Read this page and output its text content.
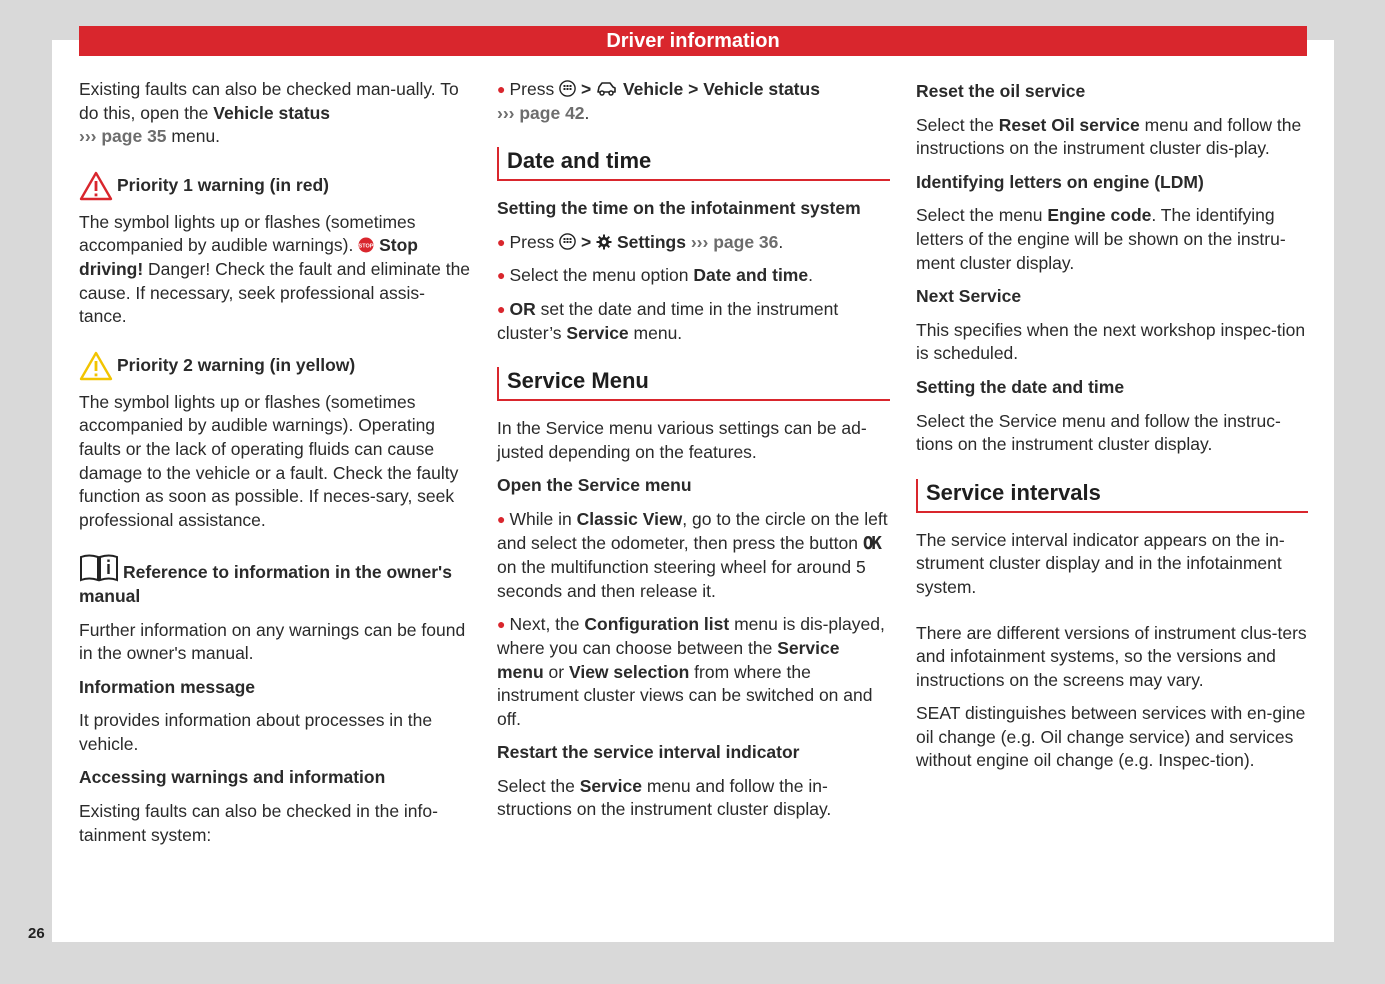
Driver information
26

Existing faults can also be checked man-ually. To do this, open the Vehicle status
››› page 35 menu.

Priority 1 warning (in red)

The symbol lights up or flashes (sometimes accompanied by audible warnings). STOP Stop driving! Danger! Check the fault and eliminate the cause. If necessary, seek professional assis-tance.

Priority 2 warning (in yellow)

The symbol lights up or flashes (sometimes accompanied by audible warnings). Operating faults or the lack of operating fluids can cause damage to the vehicle or a fault. Check the faulty function as soon as possible. If neces-sary, seek professional assistance.

Reference to information in the owner's manual

Further information on any warnings can be found in the owner's manual.

Information message

It provides information about processes in the vehicle.

Accessing warnings and information

Existing faults can also be checked in the info-tainment system:

● Press > Vehicle > Vehicle status
››› page 42.

Date and time

Setting the time on the infotainment system

● Press > Settings ››› page 36.

● Select the menu option Date and time.

● OR set the date and time in the instrument cluster’s Service menu.

Service Menu

In the Service menu various settings can be ad-justed depending on the features.

Open the Service menu

● While in Classic View, go to the circle on the left and select the odometer, then press the button OK on the multifunction steering wheel for around 5 seconds and then release it.

● Next, the Configuration list menu is dis-played, where you can choose between the Service menu or View selection from where the instrument cluster views can be switched on and off.

Restart the service interval indicator

Select the Service menu and follow the in-structions on the instrument cluster display.

Reset the oil service

Select the Reset Oil service menu and follow the instructions on the instrument cluster dis-play.

Identifying letters on engine (LDM)

Select the menu Engine code. The identifying letters of the engine will be shown on the instru-ment cluster display.

Next Service

This specifies when the next workshop inspec-tion is scheduled.

Setting the date and time

Select the Service menu and follow the instruc-tions on the instrument cluster display.

Service intervals

The service interval indicator appears on the in-strument cluster display and in the infotainment system.

There are different versions of instrument clus-ters and infotainment systems, so the versions and instructions on the screens may vary.

SEAT distinguishes between services with en-gine oil change (e.g. Oil change service) and services without engine oil change (e.g. Inspec-tion).
